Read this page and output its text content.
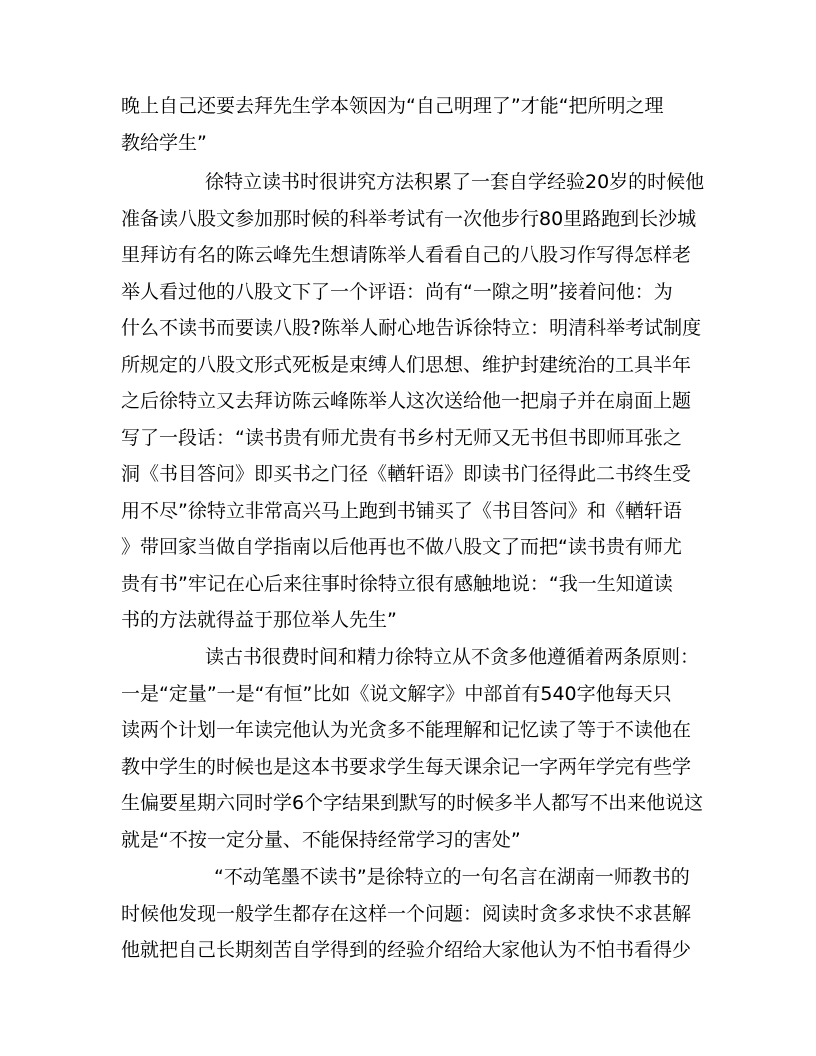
晚上自己还要去拜先生学本领因为“自己明理了”才能“把所明之理

教给学生”

徐特立读书时很讲究方法积累了一套自学经验20岁的时候他

准备读八股文参加那时候的科举考试有一次他步行80里路跑到长沙城

里拜访有名的陈云峰先生想请陈举人看看自己的八股习作写得怎样老

举人看过他的八股文下了一个评语：尚有“一隙之明”接着问他：为

什么不读书而要读八股?陈举人耐心地告诉徐特立：明清科举考试制度

所规定的八股文形式死板是束缚人们思想、维护封建统治的工具半年

之后徐特立又去拜访陈云峰陈举人这次送给他一把扇子并在扇面上题

写了一段话：“读书贵有师尤贵有书乡村无师又无书但书即师耳张之

洞《书目答问》即买书之门径《輶轩语》即读书门径得此二书终生受

用不尽”徐特立非常高兴马上跑到书铺买了《书目答问》和《輶轩语

》带回家当做自学指南以后他再也不做八股文了而把“读书贵有师尤

贵有书”牢记在心后来往事时徐特立很有感触地说：“我一生知道读

书的方法就得益于那位举人先生”

读古书很费时间和精力徐特立从不贪多他遵循着两条原则：

一是“定量”一是“有恒”比如《说文解字》中部首有540字他每天只

读两个计划一年读完他认为光贪多不能理解和记忆读了等于不读他在

教中学生的时候也是这本书要求学生每天课余记一字两年学完有些学

生偏要星期六同时学6个字结果到默写的时候多半人都写不出来他说这

就是“不按一定分量、不能保持经常学习的害处”

“不动笔墨不读书”是徐特立的一句名言在湖南一师教书的

时候他发现一般学生都存在这样一个问题：阅读时贪多求快不求甚解

他就把自己长期刻苦自学得到的经验介绍给大家他认为不怕书看得少
